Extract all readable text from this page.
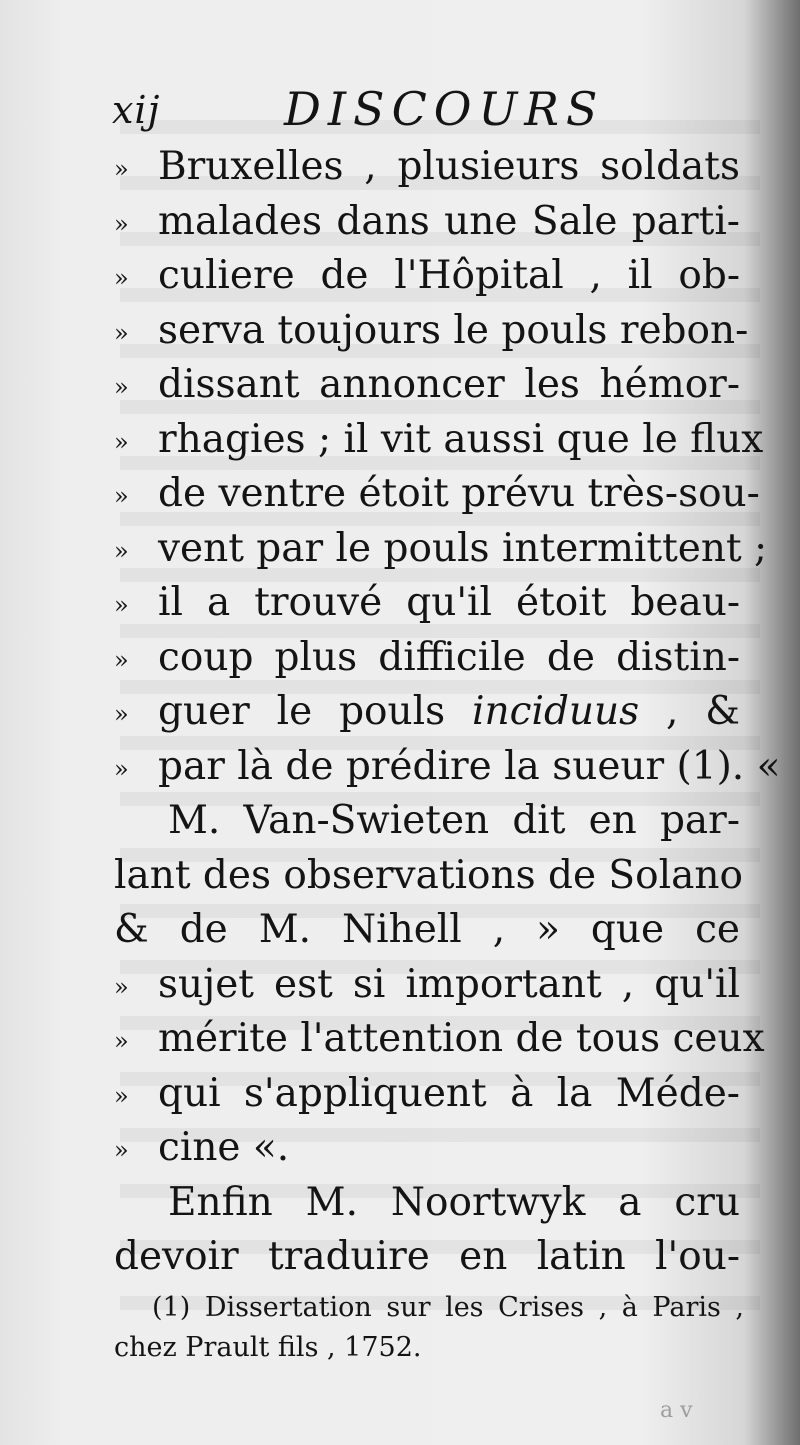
xij	DISCOURS
» Bruxelles , plusieurs soldats
» malades dans une Sale parti-
» culiere de l'Hôpital , il ob-
» serva toujours le pouls rebon-
» dissant annoncer les hémor-
» rhagies ; il vit aussi que le flux
» de ventre étoit prévu très-sou-
» vent par le pouls intermittent ;
» il a trouvé qu'il étoit beau-
» coup plus difficile de distin-
» guer le pouls inciduus , &
» par là de prédire la sueur (1). «
M. Van-Swieten dit en par-
lant des observations de Solano
& de M. Nihell , » que ce
» sujet est si important , qu'il
» mérite l'attention de tous ceux
» qui s'appliquent à la Méde-
» cine «.
Enfin M. Noortwyk a cru
devoir traduire en latin l'ou-
(1) Dissertation sur les Crises , à Paris ,
chez Prault fils , 1752.
a v
